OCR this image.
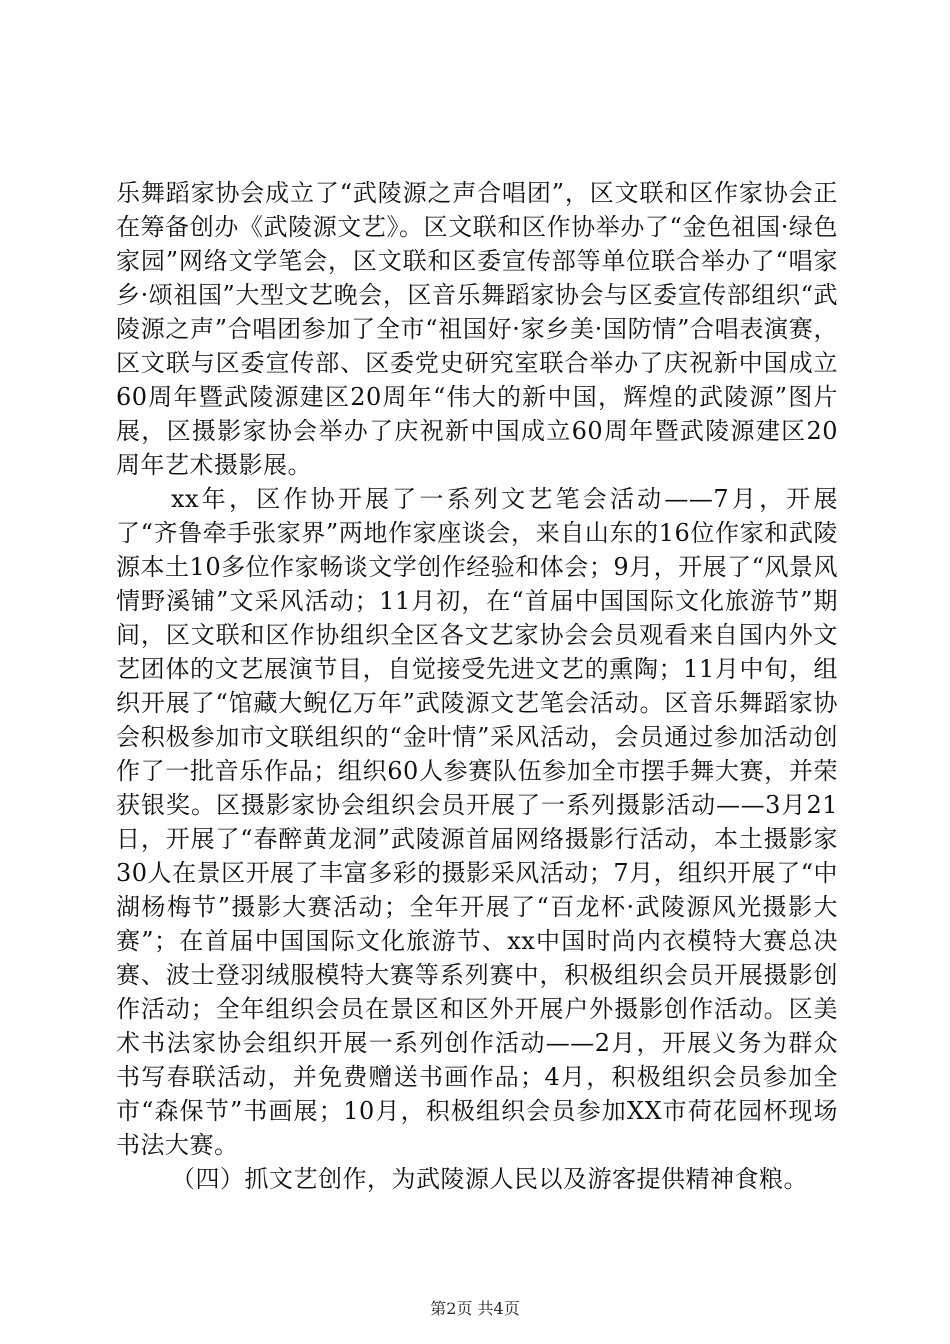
乐舞蹈家协会成立了“武陵源之声合唱团”，区文联和区作家协会正在筹备创办《武陵源文艺》。区文联和区作协举办了“金色祖国·绿色家园”网络文学笔会，区文联和区委宣传部等单位联合举办了“唱家乡·颂祖国”大型文艺晚会，区音乐舞蹈家协会与区委宣传部组织“武陵源之声”合唱团参加了全市“祖国好·家乡美·国防情”合唱表演赛，区文联与区委宣传部、区委党史研究室联合举办了庆祝新中国成立60周年暨武陵源建区20周年“伟大的新中国，辉煌的武陵源”图片展，区摄影家协会举办了庆祝新中国成立60周年暨武陵源建区20周年艺术摄影展。

xx年，区作协开展了一系列文艺笔会活动——7月，开展了“齐鲁牵手张家界”两地作家座谈会，来自山东的16位作家和武陵源本土10多位作家畅谈文学创作经验和体会；9月，开展了“风景风情野溪铺”文采风活动；11月初，在“首届中国国际文化旅游节”期间，区文联和区作协组织全区各文艺家协会会员观看来自国内外文艺团体的文艺展演节目，自觉接受先进文艺的熏陶；11月中旬，组织开展了“馆藏大鲵亿万年”武陵源文艺笔会活动。区音乐舞蹈家协会积极参加市文联组织的“金叶情”采风活动，会员通过参加活动创作了一批音乐作品；组织60人参赛队伍参加全市摆手舞大赛，并荣获银奖。区摄影家协会组织会员开展了一系列摄影活动——3月21日，开展了“春醉黄龙洞”武陵源首届网络摄影行活动，本土摄影家30人在景区开展了丰富多彩的摄影采风活动；7月，组织开展了“中湖杨梅节”摄影大赛活动；全年开展了“百龙杯·武陵源风光摄影大赛”；在首届中国国际文化旅游节、xx中国时尚内衣模特大赛总决赛、波士登羽绒服模特大赛等系列赛中，积极组织会员开展摄影创作活动；全年组织会员在景区和区外开展户外摄影创作活动。区美术书法家协会组织开展一系列创作活动——2月，开展义务为群众书写春联活动，并免费赠送书画作品；4月，积极组织会员参加全市“森保节”书画展；10月，积极组织会员参加XX市荷花园杯现场书法大赛。

（四）抓文艺创作，为武陵源人民以及游客提供精神食粮。

第2页 共4页
